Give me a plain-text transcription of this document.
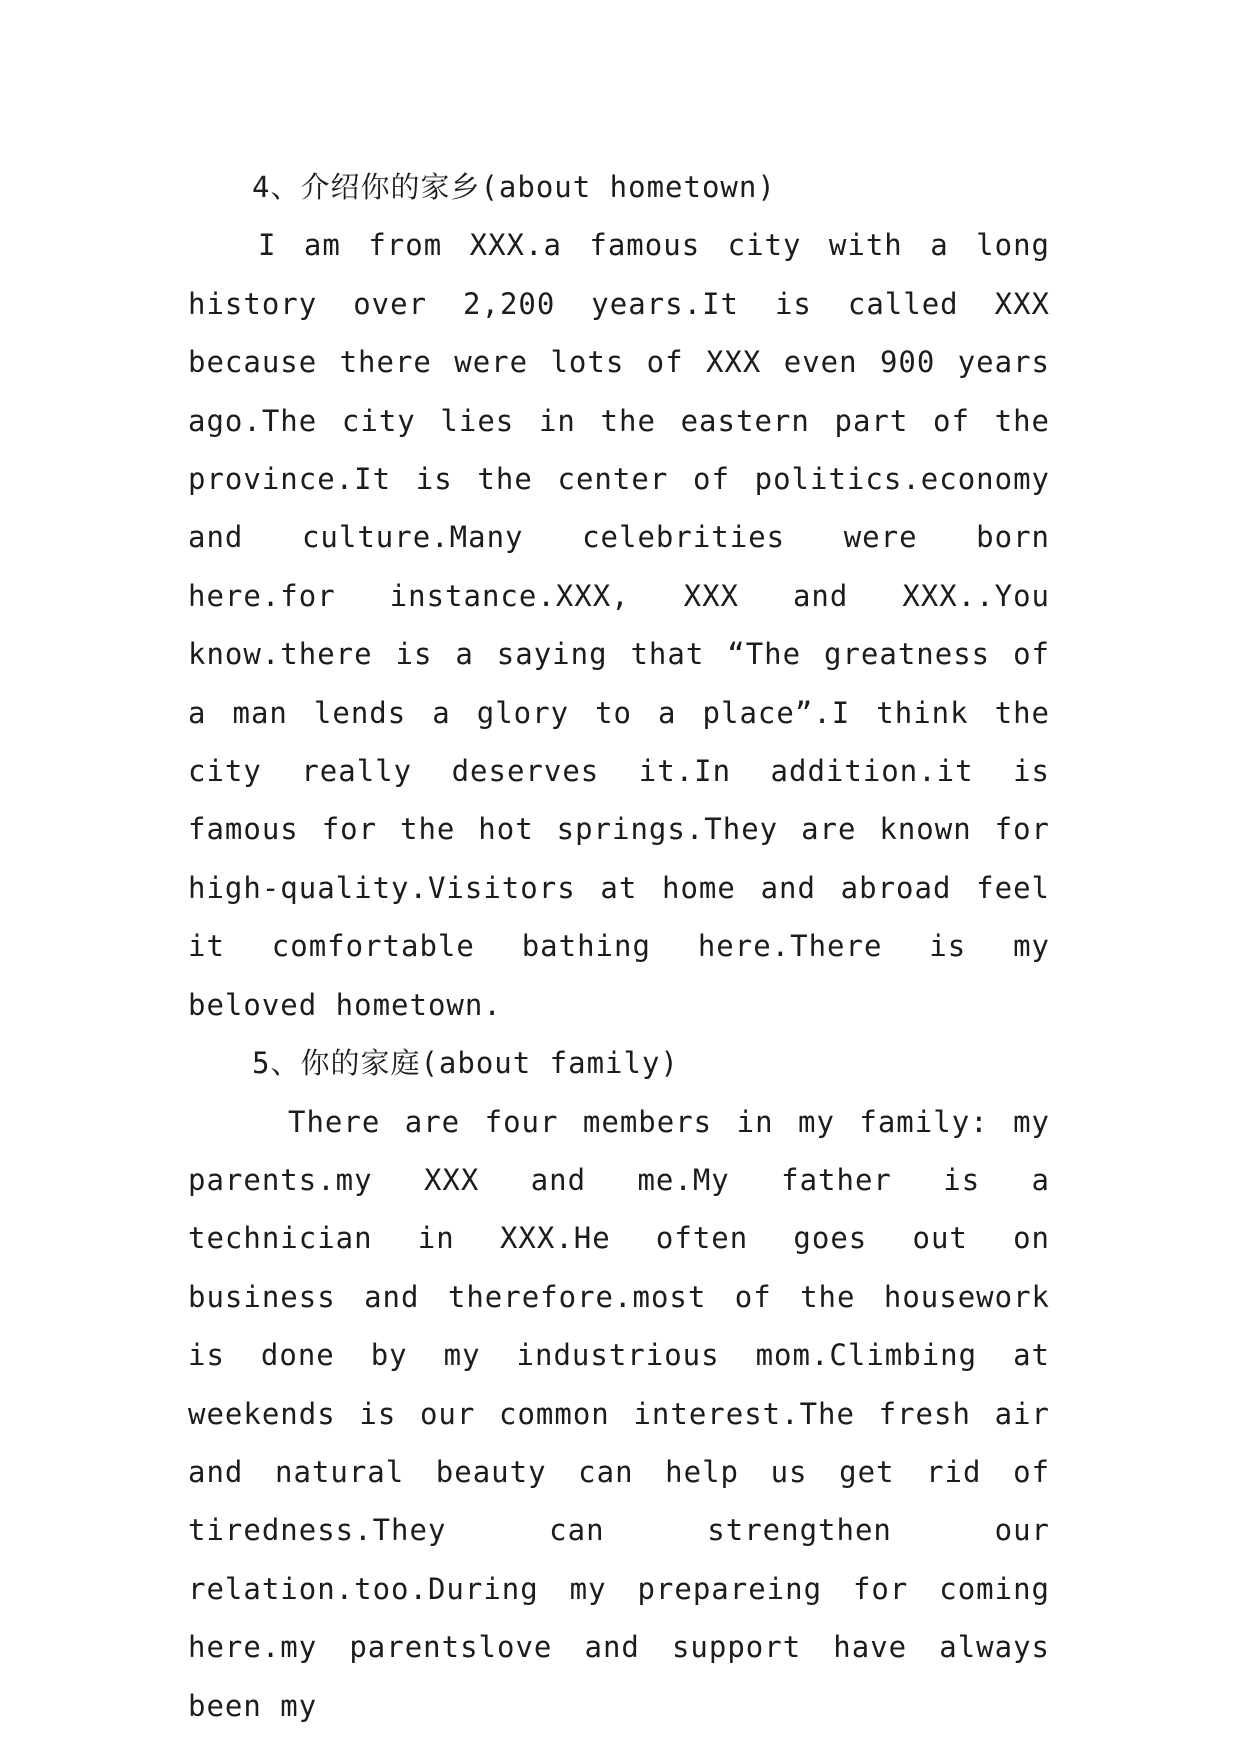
4、介绍你的家乡(about hometown)

I am from XXX.a famous city with a long history over 2,200 years.It is called XXX because there were lots of XXX even 900 years ago.The city lies in the eastern part of the province.It is the center of politics.economy and culture.Many celebrities were born here.for instance.XXX, XXX and XXX..You know.there is a saying that “The greatness of a man lends a glory to a place”.I think the city really deserves it.In addition.it is famous for the hot springs.They are known for high-quality.Visitors at home and abroad feel it comfortable bathing here.There is my beloved hometown.

5、你的家庭(about family)

There are four members in my family: my parents.my XXX and me.My father is a technician in XXX.He often goes out on business and therefore.most of the housework is done by my industrious mom.Climbing at weekends is our common interest.The fresh air and natural beauty can help us get rid of tiredness.They can strengthen our relation.too.During my prepareing for coming here.my parentslove and support have always been my
